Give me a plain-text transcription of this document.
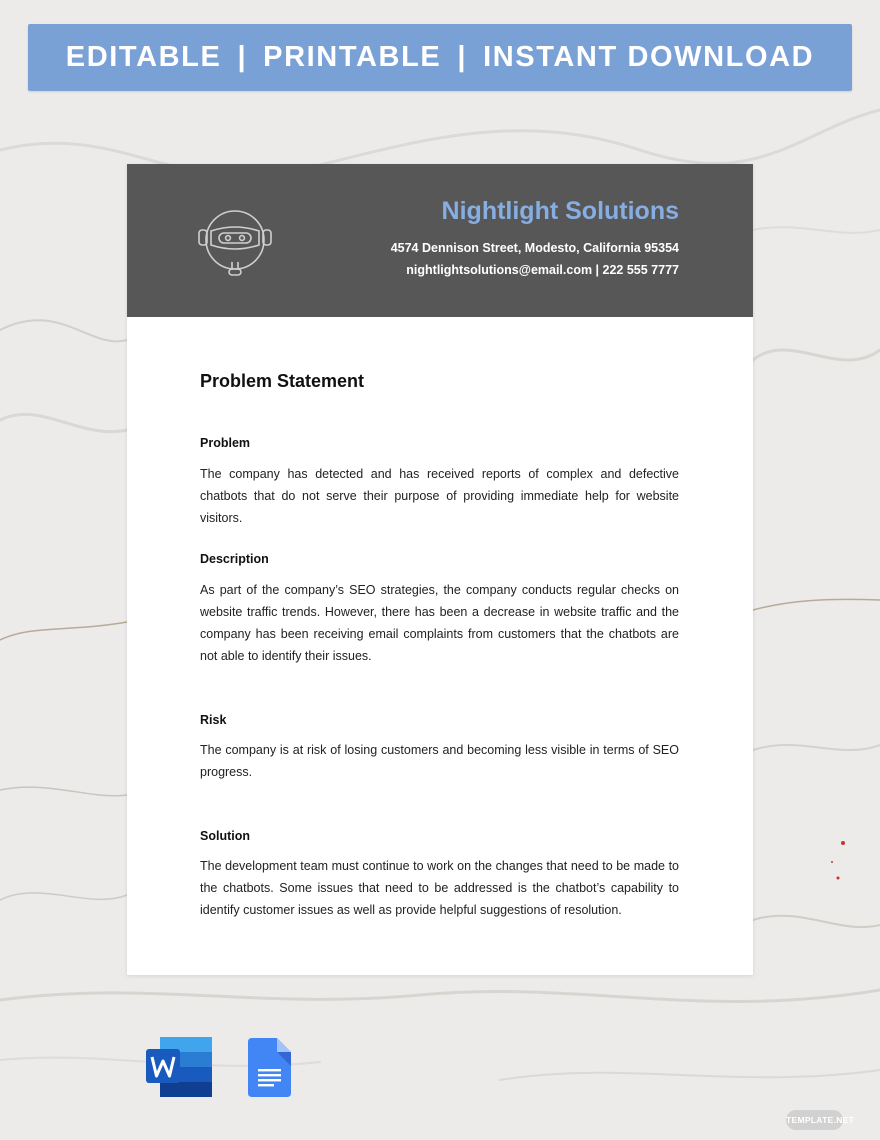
EDITABLE | PRINTABLE | INSTANT DOWNLOAD
Nightlight Solutions
4574 Dennison Street, Modesto, California 95354
nightlightsolutions@email.com | 222 555 7777
Problem Statement
Problem
The company has detected and has received reports of complex and defective chatbots that do not serve their purpose of providing immediate help for website visitors.
Description
As part of the company’s SEO strategies, the company conducts regular checks on website traffic trends. However, there has been a decrease in website traffic and the company has been receiving email complaints from customers that the chatbots are not able to identify their issues.
Risk
The company is at risk of losing customers and becoming less visible in terms of SEO progress.
Solution
The development team must continue to work on the changes that need to be made to the chatbots. Some issues that need to be addressed is the chatbot’s capability to identify customer issues as well as provide helpful suggestions of resolution.
TEMPLATE.NET
